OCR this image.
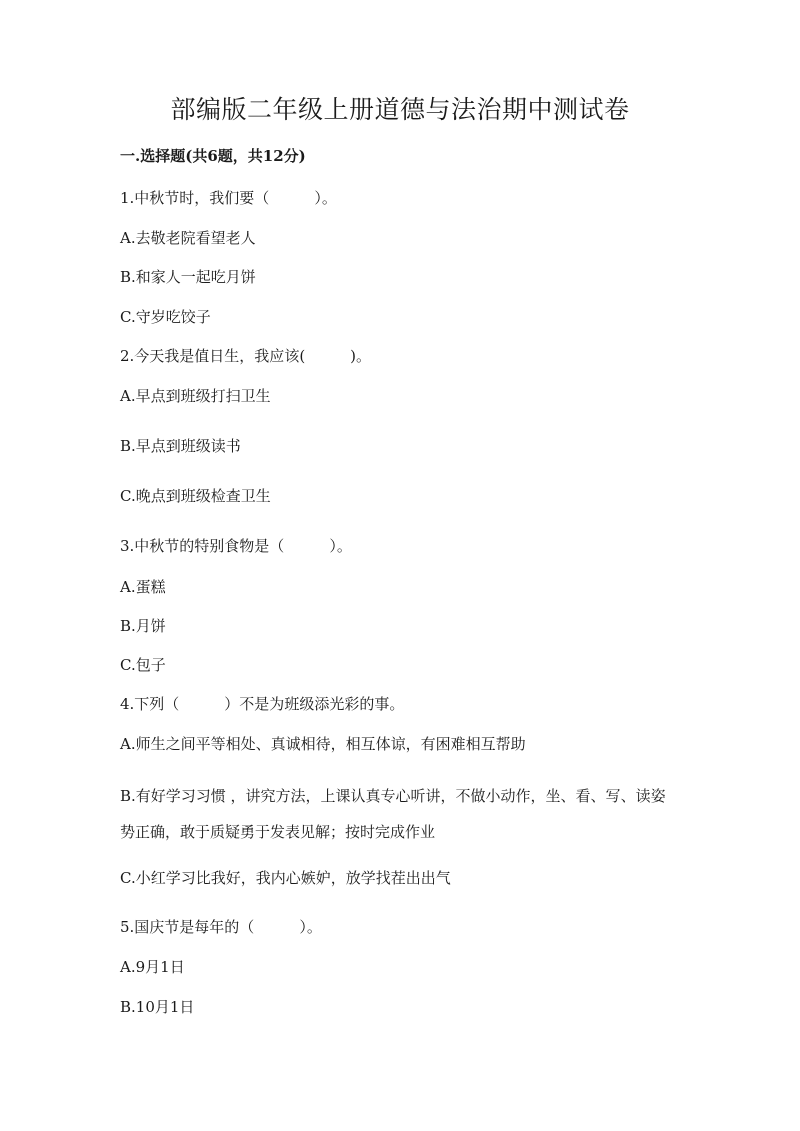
部编版二年级上册道德与法治期中测试卷
一.选择题(共6题，共12分)

1.中秋节时，我们要（　　　）。

A.去敬老院看望老人

B.和家人一起吃月饼

C.守岁吃饺子

2.今天我是值日生，我应该(　　　)。

A.早点到班级打扫卫生

B.早点到班级读书

C.晚点到班级检查卫生

3.中秋节的特别食物是（　　　）。

A.蛋糕

B.月饼

C.包子

4.下列（　　　）不是为班级添光彩的事。

A.师生之间平等相处、真诚相待，相互体谅，有困难相互帮助

B.有好学习习惯 ，讲究方法，上课认真专心听讲，不做小动作，坐、看、写、读姿势正确，敢于质疑勇于发表见解；按时完成作业

C.小红学习比我好，我内心嫉妒，放学找茬出出气

5.国庆节是每年的（　　　）。

A.9月1日

B.10月1日
